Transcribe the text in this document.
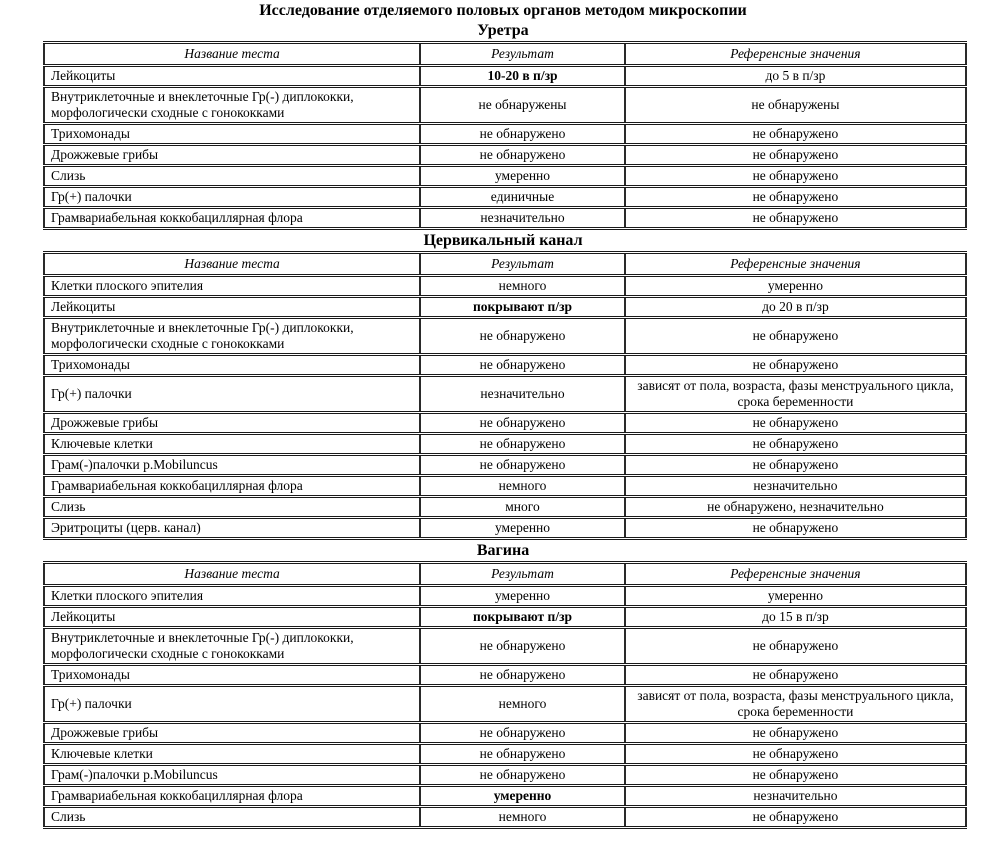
Исследование отделяемого половых органов методом микроскопии
Уретра
Название теста	Результат	Референсные значения
Лейкоциты	10-20 в п/зр	до 5 в п/зр
Внутриклеточные и внеклеточные Гр(-) диплококки, морфологически сходные с гонококками	не обнаружены	не обнаружены
Трихомонады	не обнаружено	не обнаружено
Дрожжевые грибы	не обнаружено	не обнаружено
Слизь	умеренно	не обнаружено
Гр(+) палочки	единичные	не обнаружено
Грамвариабельная коккобациллярная флора	незначительно	не обнаружено
Цервикальный канал
Название теста	Результат	Референсные значения
Клетки плоского эпителия	немного	умеренно
Лейкоциты	покрывают п/зр	до 20 в п/зр
Внутриклеточные и внеклеточные Гр(-) диплококки, морфологически сходные с гонококками	не обнаружено	не обнаружено
Трихомонады	не обнаружено	не обнаружено
Гр(+) палочки	незначительно	зависят от пола, возраста, фазы менструального цикла, срока беременности
Дрожжевые грибы	не обнаружено	не обнаружено
Ключевые клетки	не обнаружено	не обнаружено
Грам(-)палочки p.Mobiluncus	не обнаружено	не обнаружено
Грамвариабельная коккобациллярная флора	немного	незначительно
Слизь	много	не обнаружено, незначительно
Эритроциты (церв. канал)	умеренно	не обнаружено
Вагина
Название теста	Результат	Референсные значения
Клетки плоского эпителия	умеренно	умеренно
Лейкоциты	покрывают п/зр	до 15 в п/зр
Внутриклеточные и внеклеточные Гр(-) диплококки, морфологически сходные с гонококками	не обнаружено	не обнаружено
Трихомонады	не обнаружено	не обнаружено
Гр(+) палочки	немного	зависят от пола, возраста, фазы менструального цикла, срока беременности
Дрожжевые грибы	не обнаружено	не обнаружено
Ключевые клетки	не обнаружено	не обнаружено
Грам(-)палочки p.Mobiluncus	не обнаружено	не обнаружено
Грамвариабельная коккобациллярная флора	умеренно	незначительно
Слизь	немного	не обнаружено
